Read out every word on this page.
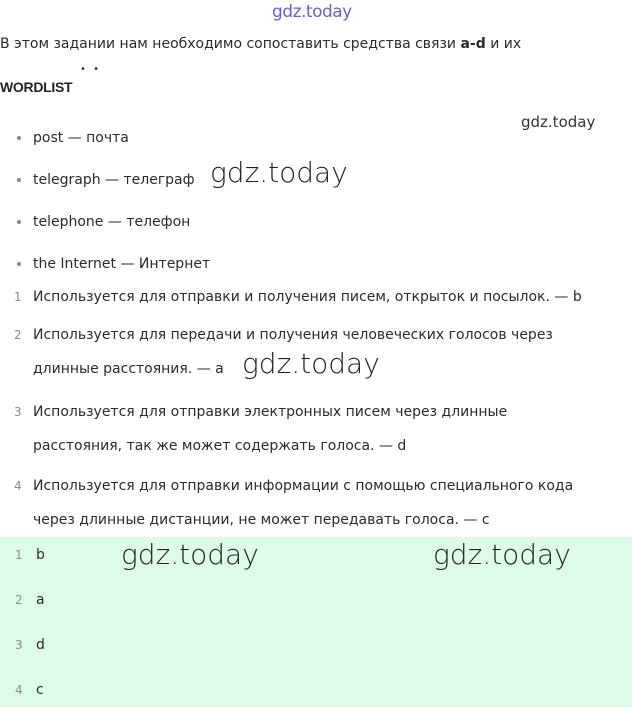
gdz.today
В этом задании нам необходимо сопоставить средства связи a-d и их
• •
WORDLIST
gdz.today
post — почта
telegraph — телеграф
telephone — телефон
the Internet — Интернет
gdz.today
1 Используется для отправки и получения писем, открыток и посылок. — b
2 Используется для передачи и получения человеческих голосов через
длинные расстояния. — a
3 Используется для отправки электронных писем через длинные
расстояния, так же может содержать голоса. — d
4 Используется для отправки информации с помощью специального кода
через длинные дистанции, не может передавать голоса. — c
gdz.today
1 b
2 a
3 d
4 c
gdz.today	gdz.today
